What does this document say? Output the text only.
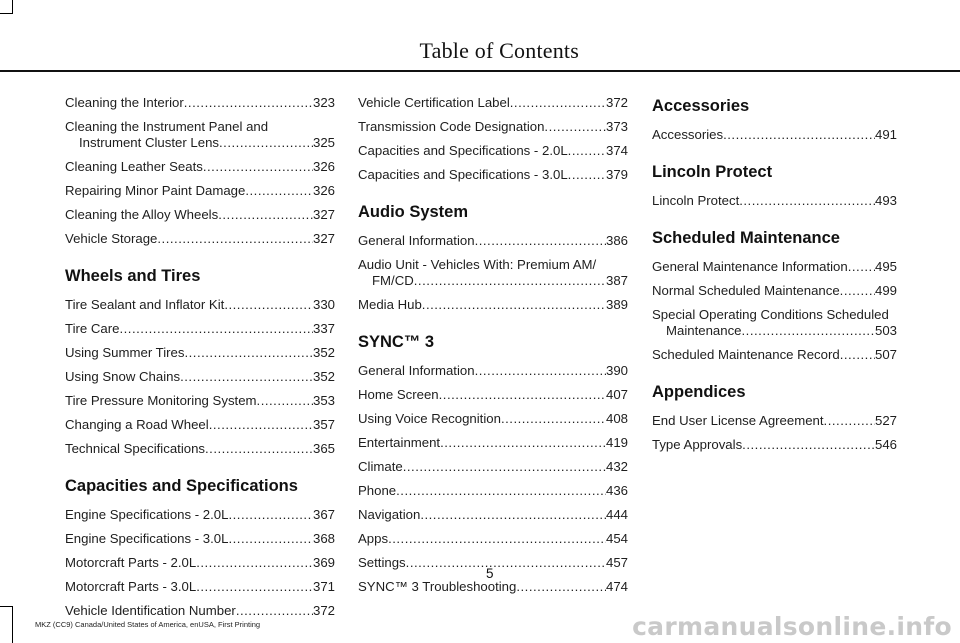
Table of Contents
Cleaning the Interior .....	323
Cleaning the Instrument Panel and
Instrument Cluster Lens .....	325
Cleaning Leather Seats .....	326
Repairing Minor Paint Damage .....	326
Cleaning the Alloy Wheels .....	327
Vehicle Storage .....	327
Wheels and Tires
Tire Sealant and Inflator Kit .....	330
Tire Care .....	337
Using Summer Tires .....	352
Using Snow Chains .....	352
Tire Pressure Monitoring System .....	353
Changing a Road Wheel .....	357
Technical Specifications .....	365
Capacities and Specifications
Engine Specifications - 2.0L .....	367
Engine Specifications - 3.0L .....	368
Motorcraft Parts - 2.0L .....	369
Motorcraft Parts - 3.0L .....	371
Vehicle Identification Number .....	372
Vehicle Certification Label .....	372
Transmission Code Designation .....	373
Capacities and Specifications - 2.0L .....	374
Capacities and Specifications - 3.0L .....	379
Audio System
General Information .....	386
Audio Unit - Vehicles With: Premium AM/
FM/CD .....	387
Media Hub .....	389
SYNC™ 3
General Information .....	390
Home Screen .....	407
Using Voice Recognition .....	408
Entertainment .....	419
Climate .....	432
Phone .....	436
Navigation .....	444
Apps .....	454
Settings .....	457
SYNC™ 3 Troubleshooting .....	474
Accessories
Accessories .....	491
Lincoln Protect
Lincoln Protect .....	493
Scheduled Maintenance
General Maintenance Information ..... 495
Normal Scheduled Maintenance .....	499
Special Operating Conditions Scheduled
Maintenance .....	503
Scheduled Maintenance Record .....	507
Appendices
End User License Agreement .....	527
Type Approvals .....	546
5
MKZ (CC9) Canada/United States of America, enUSA, First Printing	carmanualsonline.info
